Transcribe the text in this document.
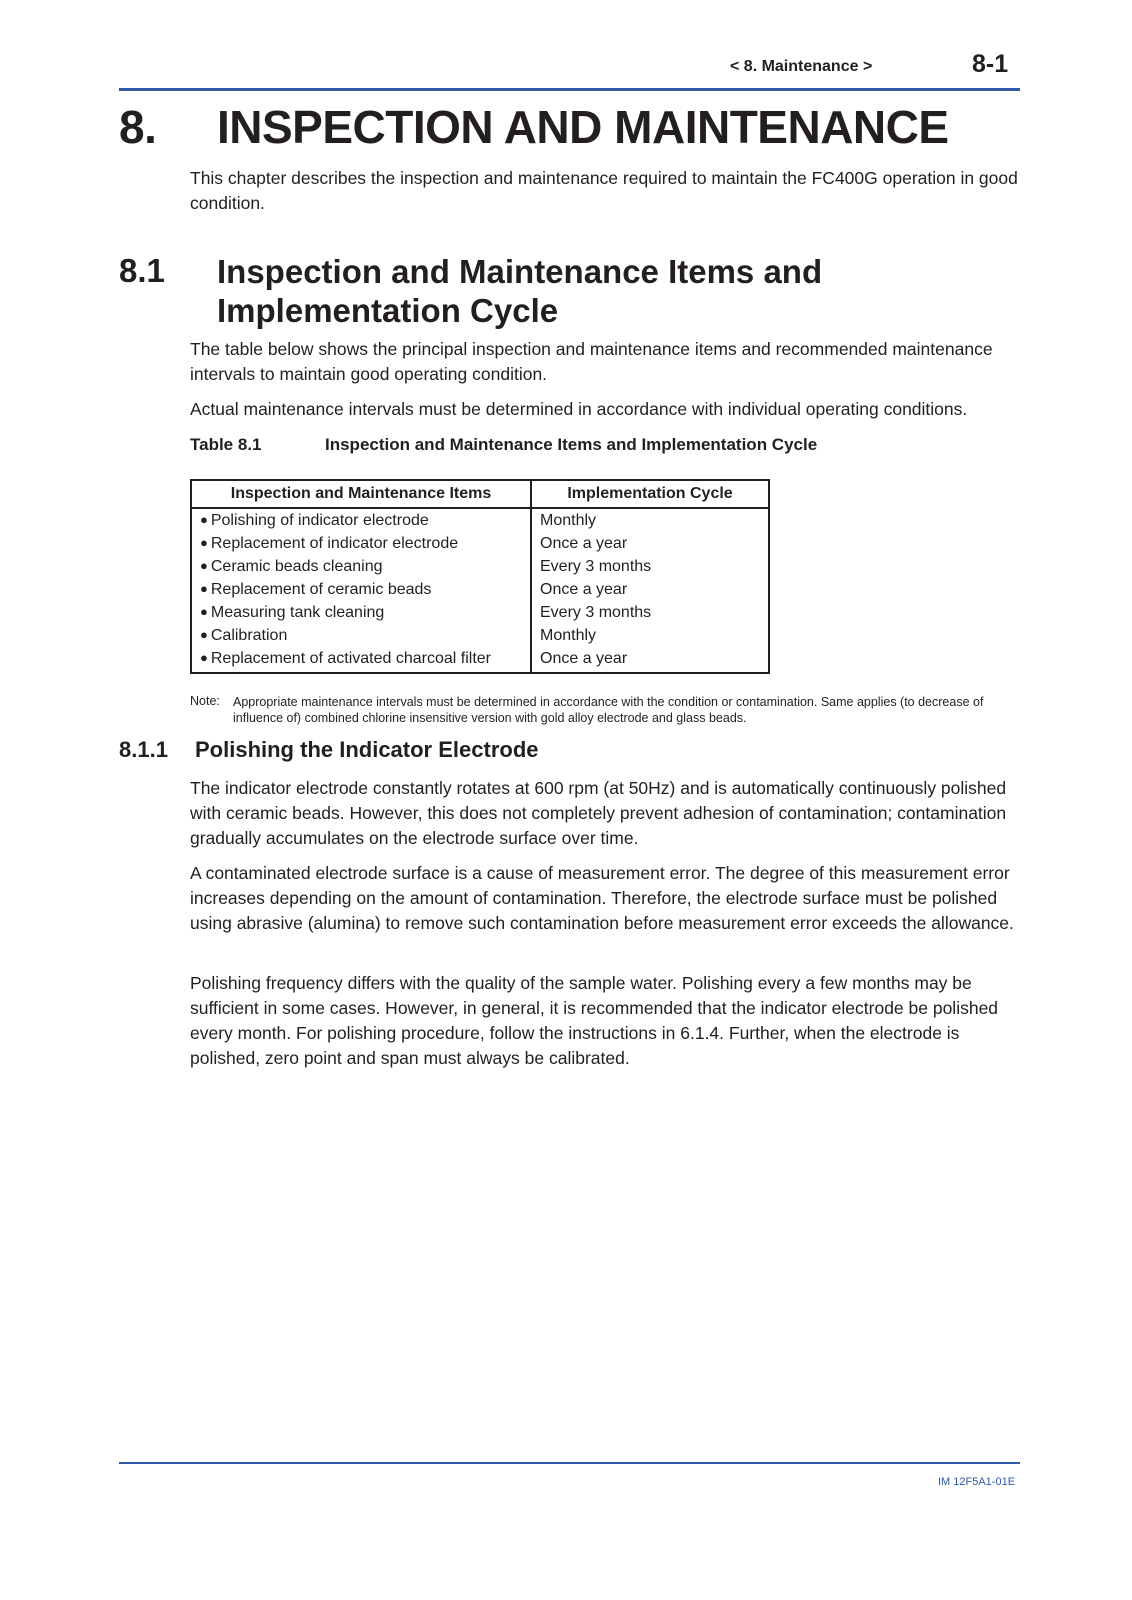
< 8. Maintenance >	8-1
8. INSPECTION AND MAINTENANCE

This chapter describes the inspection and maintenance required to maintain the FC400G operation in good condition.

8.1 Inspection and Maintenance Items and Implementation Cycle

The table below shows the principal inspection and maintenance items and recommended maintenance intervals to maintain good operating condition.

Actual maintenance intervals must be determined in accordance with individual operating conditions.

Table 8.1	Inspection and Maintenance Items and Implementation Cycle
Inspection and Maintenance Items	Implementation Cycle
● Polishing of indicator electrode	Monthly
● Replacement of indicator electrode	Once a year
● Ceramic beads cleaning	Every 3 months
● Replacement of ceramic beads	Once a year
● Measuring tank cleaning	Every 3 months
● Calibration	Monthly
● Replacement of activated charcoal filter	Once a year
Note: Appropriate maintenance intervals must be determined in accordance with the condition or contamination. Same applies (to decrease of influence of) combined chlorine insensitive version with gold alloy electrode and glass beads.
8.1.1 Polishing the Indicator Electrode

The indicator electrode constantly rotates at 600 rpm (at 50Hz) and is automatically continuously polished with ceramic beads. However, this does not completely prevent adhesion of contamination; contamination gradually accumulates on the electrode surface over time.

A contaminated electrode surface is a cause of measurement error. The degree of this measurement error increases depending on the amount of contamination. Therefore, the electrode surface must be polished using abrasive (alumina) to remove such contamination before measurement error exceeds the allowance.

Polishing frequency differs with the quality of the sample water. Polishing every a few months may be sufficient in some cases. However, in general, it is recommended that the indicator electrode be polished every month. For polishing procedure, follow the instructions in 6.1.4. Further, when the electrode is polished, zero point and span must always be calibrated.

IM 12F5A1-01E
